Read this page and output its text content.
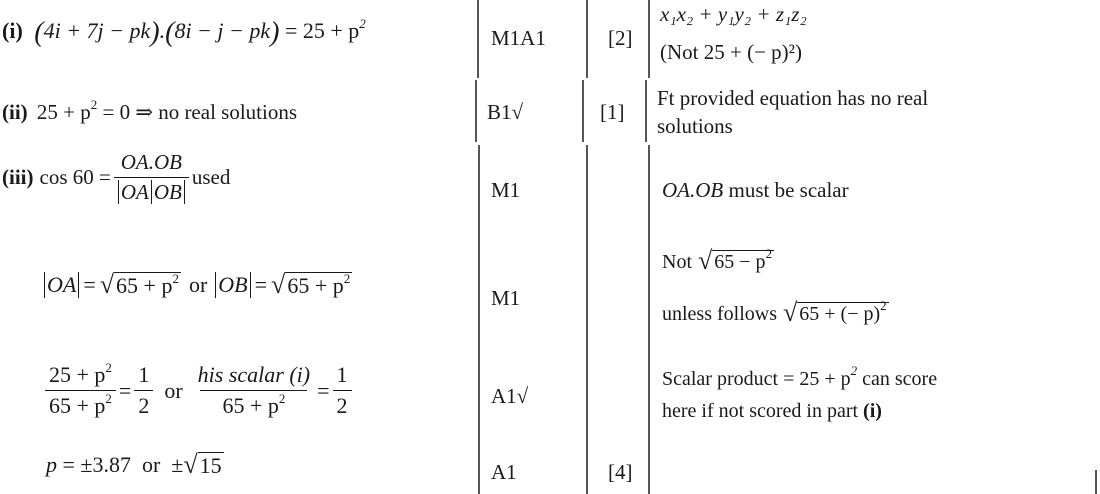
(i) $(4i + 7j - pk).(8i - j - pk) = 25 + p^2$
M1A1	[2]
x₁x₂ + y₁y₂ + z₁z₂
(Not 25 + (− p)²)
(ii) $25 + p^2 = 0$ ⇒ no real solutions	B1√	[1]
Ft provided equation has no real
solutions
(iii) $\cos 60 = \frac{OA.OB}{\text{OA OB}}$ used
M1	OA.OB must be scalar
OA = √ $65 + p^2$ or OB = √ $65 + p^2$
M1
Not √ $65 - p^2$
unless follows √ 65 + (− p)$^2$
$\frac{25 + p^2}{65 + p^2} = \frac{1}{2}$ or $\frac{\text{his scalar (i)}}{65 + p^2} = \frac{1}{2}$	A1√
Scalar product = $25 + p^2$ can score
here if not scored in part (i)
p = ±3.87  or  ± √ 15	A1	[4]
